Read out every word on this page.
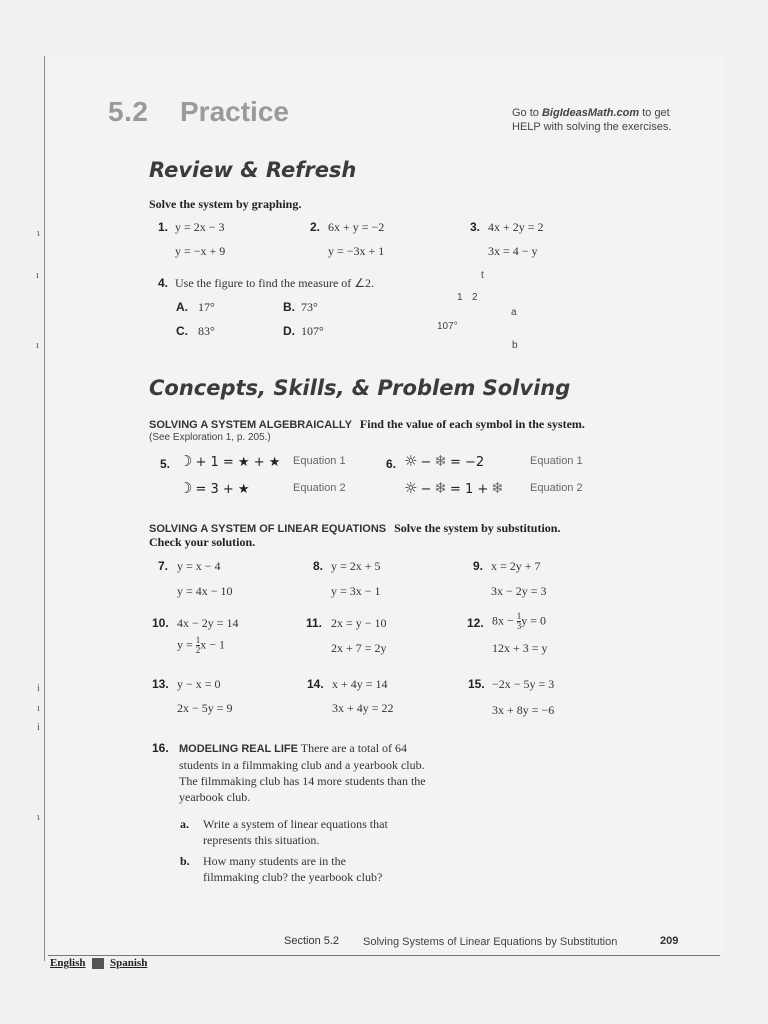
ι
ı
ı
i
ı
i
ι
5.2 Practice	Go to BigIdeasMath.com to get HELP with solving the exercises.
Review & Refresh
Solve the system by graphing.
1. y = 2x − 3
y = −x + 9
2. 6x + y = −2
y = −3x + 1
3. 4x + 2y = 2
3x = 4 − y
4. Use the figure to find the measure of ∠2.
A. 17°	B. 73°
C. 83°	D. 107°
t
1 2
a
107°
b
Concepts, Skills, & Problem Solving
SOLVING A SYSTEM ALGEBRAICALLY Find the value of each symbol in the system.
(See Exploration 1, p. 205.)
5. ☽ + 1 = ★ + ★ Equation 1
☽ = 3 + ★	Equation 2
6. ☼ − ❄ = −2	Equation 1
☼ − ❄ = 1 + ❄ Equation 2
SOLVING A SYSTEM OF LINEAR EQUATIONS Solve the system by substitution.
Check your solution.
7. y = x − 4
y = 4x − 10
8. y = 2x + 5
y = 3x − 1
9. x = 2y + 7
3x − 2y = 3
10. 4x − 2y = 14
$y = \frac{1}{2}$ x − 1
11. 2x = y − 10
2x + 7 = 2y
12. $8x - \frac{1}{3}$ y = 0
12x + 3 = y
13. y − x = 0
2x − 5y = 9
14. x + 4y = 14
3x + 4y = 22
15. −2x − 5y = 3
3x + 8y = −6
16. MODELING REAL LIFE There are a total of 64 students in a filmmaking club and a yearbook club. The filmmaking club has 14 more students than the yearbook club.
a. Write a system of linear equations that represents this situation.
b. How many students are in the filmmaking club? the yearbook club?
Section 5.2 Solving Systems of Linear Equations by Substitution	209
English Spanish
